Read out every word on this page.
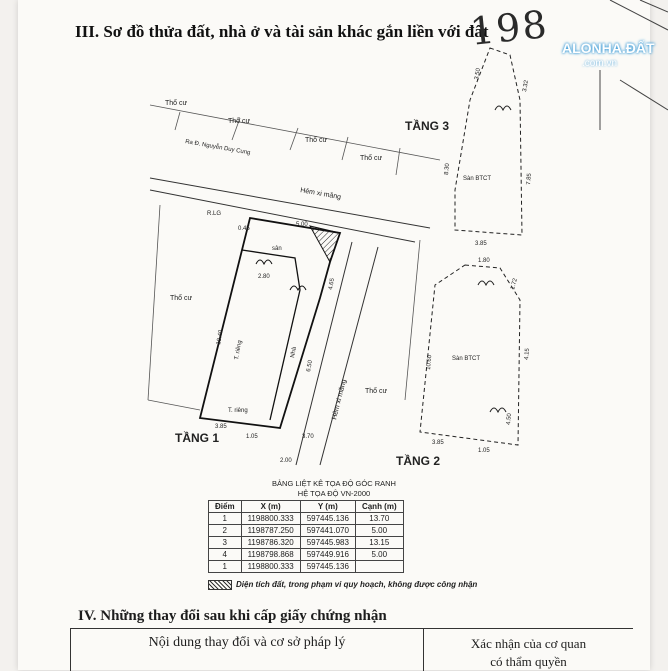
III. Sơ đồ thửa đất, nhà ở và tài sản khác gắn liền với đất
198 ALONHA.ĐẤT
.com.vn
Thổ cư
Thổ cư
Thổ cư
Thổ cư
Thổ cư
Thổ cư
Ra Đ. Nguyễn Duy Cung
Hẻm xi măng
Hẻm xi măng
sân
R.LG
T. riêng
T. riêng	Nhà
Sàn BTCT
Sàn BTCT
5.00
0.45
2.80
10.40
3.85
1.05	3.70
2.00
4.65
6.50
3.50
3.32
8.30
7.85
3.85
1.80
1.72
10.60
4.15
4.50
3.85
1.05
TẦNG 3
TẦNG 1
TẦNG 2
BẢNG LIỆT KÊ TỌA ĐỘ GÓC RANH
HỆ TỌA ĐỘ VN-2000
Điểm	X (m)	Y (m)	Cạnh (m)
1	1198800.333	597445.136	13.70
2	1198787.250	597441.070	5.00
3	1198786.320	597445.983	13.15
4	1198798.868	597449.916	5.00
1	1198800.333	597445.136	
Diện tích đất, trong phạm vi quy hoạch, không được công nhận
IV. Những thay đổi sau khi cấp giấy chứng nhận
Nội dung thay đổi và cơ sở pháp lý	Xác nhận của cơ quan
có thẩm quyền
